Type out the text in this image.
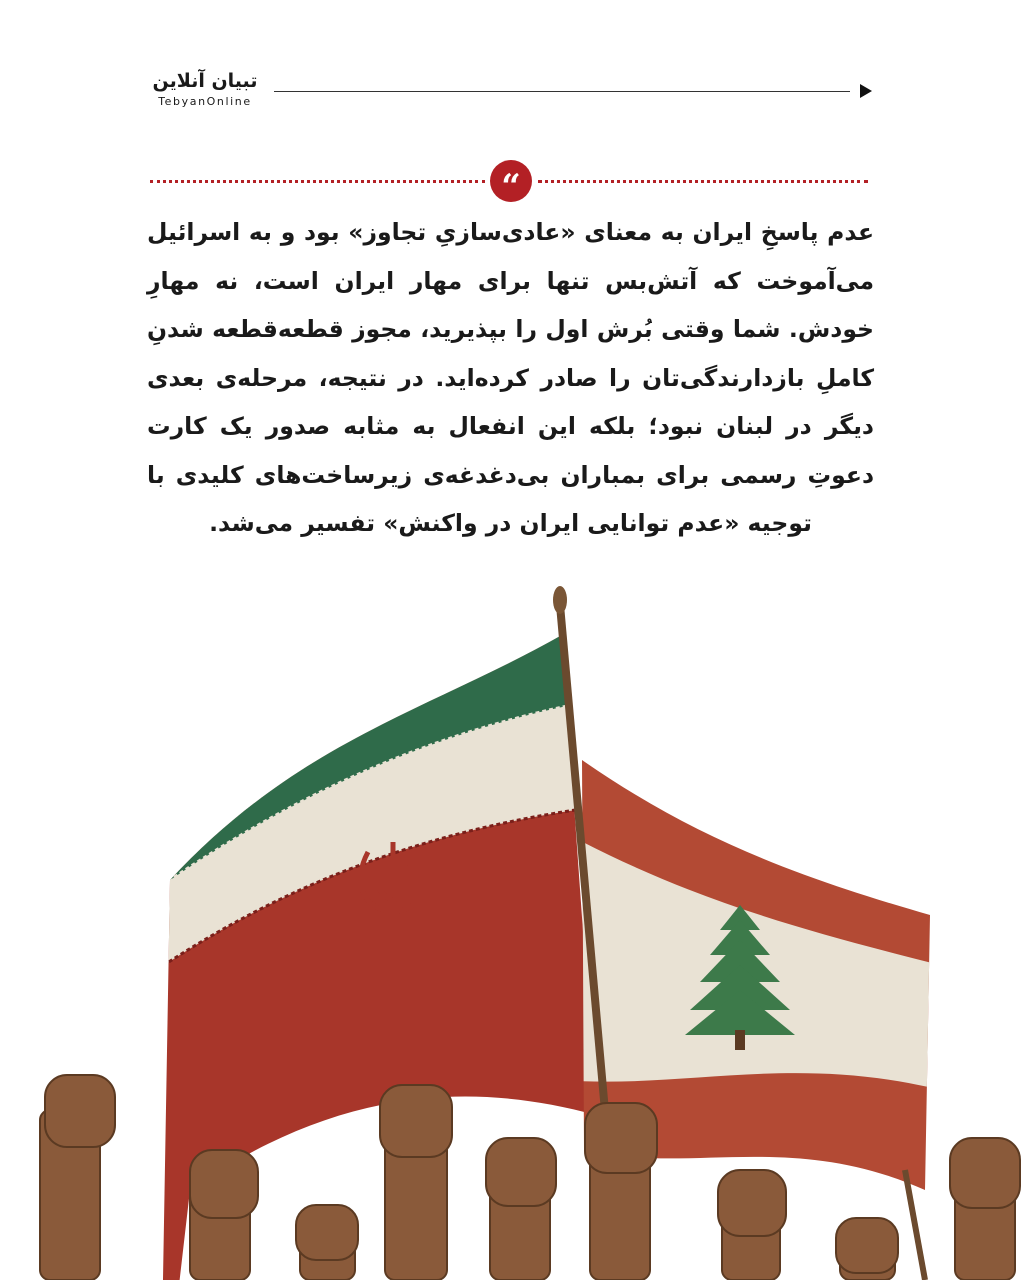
تبیان آنلاین
TebyanOnline
“

عدم پاسخِ ایران به معنای «عادی‌سازیِ تجاوز» بود و به اسرائیل می‌آموخت که آتش‌بس تنها برای مهار ایران است، نه مهارِ خودش. شما وقتی بُرش اول را بپذیرید، مجوز قطعه‌قطعه شدنِ کاملِ بازدارندگی‌تان را صادر کرده‌اید. در نتیجه، مرحله‌ی بعدی دیگر در لبنان نبود؛ بلکه این انفعال به مثابه صدور یک کارت دعوتِ رسمی برای بمباران بی‌دغدغه‌ی زیرساخت‌های کلیدی با توجیه «عدم توانایی ایران در واکنش» تفسیر می‌شد.
